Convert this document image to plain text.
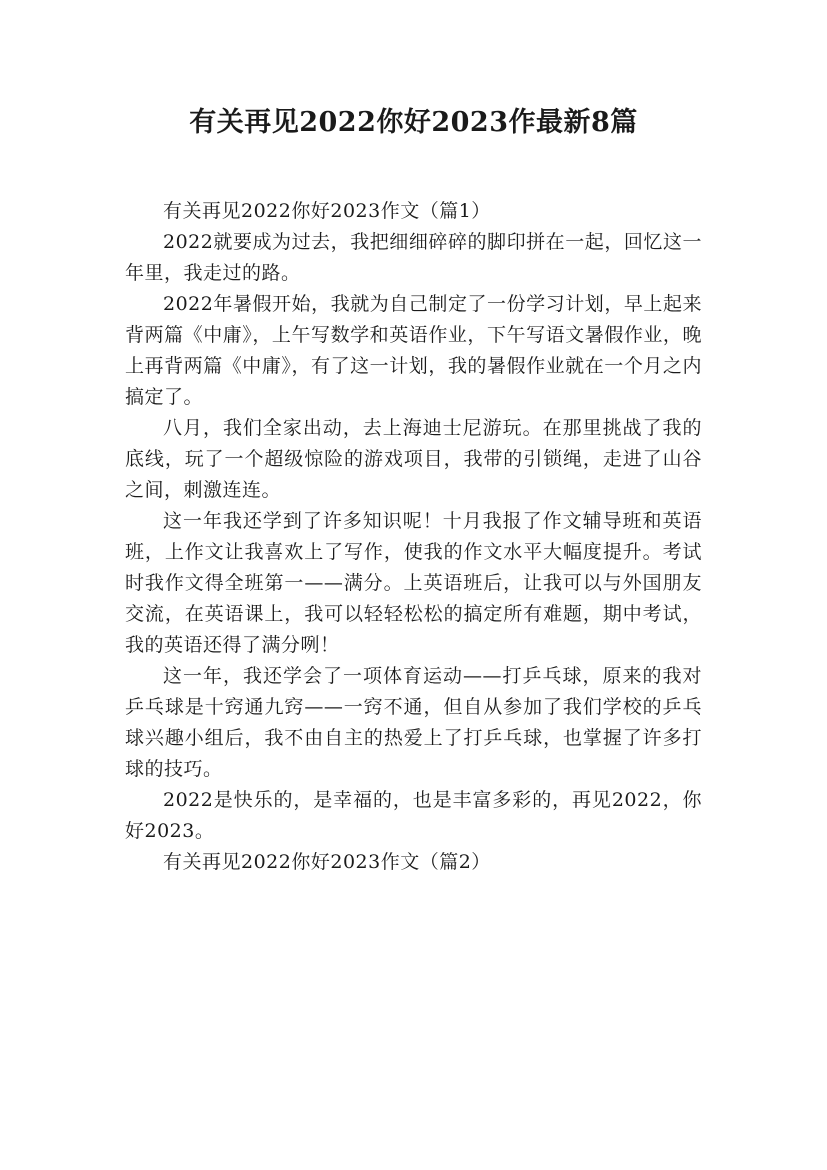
有关再见2022你好2023作最新8篇

有关再见2022你好2023作文（篇1）

2022就要成为过去，我把细细碎碎的脚印拼在一起，回忆这一年里，我走过的路。

2022年暑假开始，我就为自己制定了一份学习计划，早上起来背两篇《中庸》，上午写数学和英语作业，下午写语文暑假作业，晚上再背两篇《中庸》，有了这一计划，我的暑假作业就在一个月之内搞定了。

八月，我们全家出动，去上海迪士尼游玩。在那里挑战了我的底线，玩了一个超级惊险的游戏项目，我带的引锁绳，走进了山谷之间，刺激连连。

这一年我还学到了许多知识呢！十月我报了作文辅导班和英语班，上作文让我喜欢上了写作，使我的作文水平大幅度提升。考试时我作文得全班第一——满分。上英语班后，让我可以与外国朋友交流，在英语课上，我可以轻轻松松的搞定所有难题，期中考试，我的英语还得了满分咧！

这一年，我还学会了一项体育运动——打乒乓球，原来的我对乒乓球是十窍通九窍——一窍不通，但自从参加了我们学校的乒乓球兴趣小组后，我不由自主的热爱上了打乒乓球，也掌握了许多打球的技巧。

2022是快乐的，是幸福的，也是丰富多彩的，再见2022，你好2023。

有关再见2022你好2023作文（篇2）
